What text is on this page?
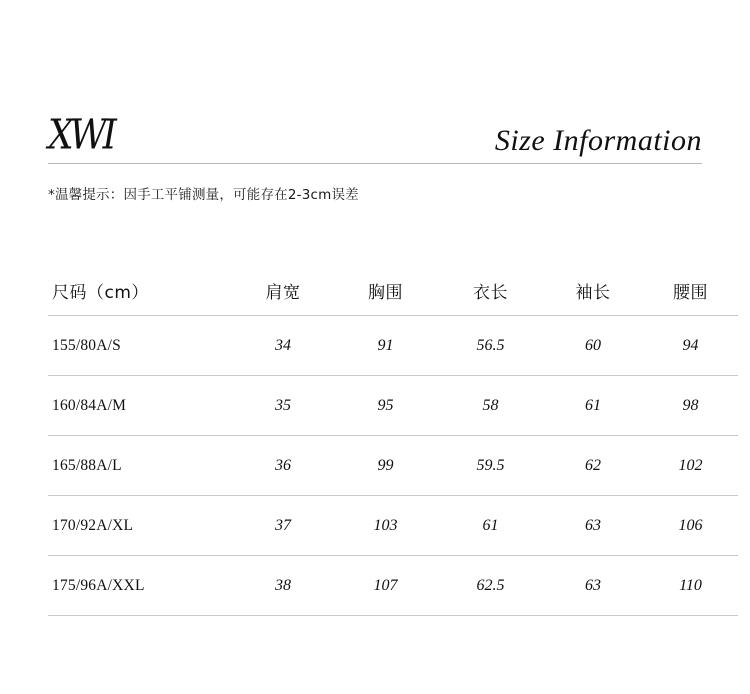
XWI	Size Information
*温馨提示：因手工平铺测量，可能存在2-3cm误差
尺码（cm）	肩宽	胸围	衣长	袖长	腰围

155/80A/S	34	91	56.5	60	94

160/84A/M	35	95	58	61	98

165/88A/L	36	99	59.5	62	102

170/92A/XL	37	103	61	63	106

175/96A/XXL	38	107	62.5	63	110
